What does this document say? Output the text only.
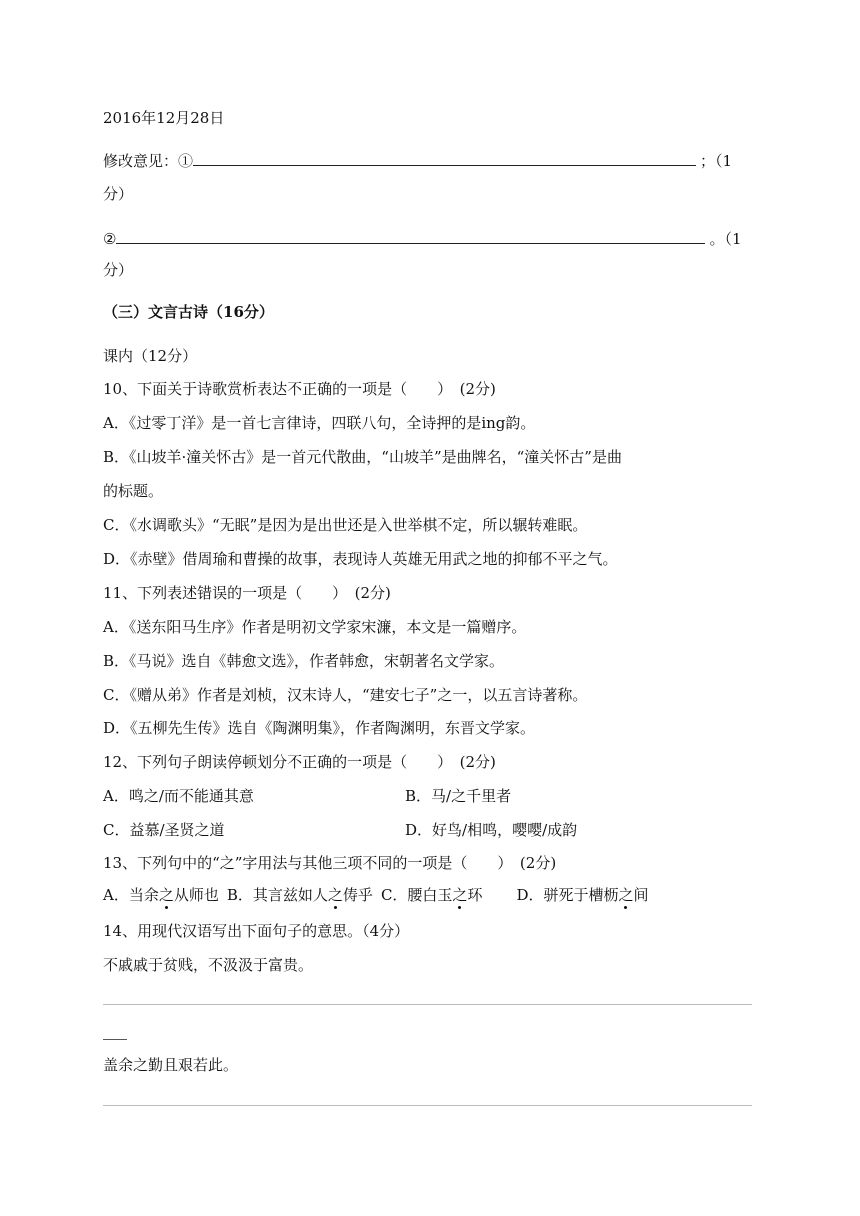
2016年12月28日
修改意见：①	；（1
分）
②	。（1
分）
（三）文言古诗（16分）
课内（12分）
10、下面关于诗歌赏析表达不正确的一项是（　　）　(2分)
A．《过零丁洋》是一首七言律诗，四联八句，全诗押的是ing韵。
B．《山坡羊·潼关怀古》是一首元代散曲，“山坡羊”是曲牌名，“潼关怀古”是曲
的标题。
C．《水调歌头》“无眠”是因为是出世还是入世举棋不定，所以辗转难眠。
D．《赤壁》借周瑜和曹操的故事，表现诗人英雄无用武之地的抑郁不平之气。
11、下列表述错误的一项是（　　）　(2分)
A．《送东阳马生序》作者是明初文学家宋濂，本文是一篇赠序。
B．《马说》选自《韩愈文选》，作者韩愈，宋朝著名文学家。
C．《赠从弟》作者是刘桢，汉末诗人，“建安七子”之一，以五言诗著称。
D．《五柳先生传》选自《陶渊明集》，作者陶渊明，东晋文学家。
12、下列句子朗读停顿划分不正确的一项是（　　）　(2分)
A．鸣之/而不能通其意	B．马/之千里者
C．益慕/圣贤之道	D．好鸟/相鸣，嘤嘤/成韵
13、下列句中的“之”字用法与其他三项不同的一项是（　　）　(2分)
A．当余之从师也 B．其言兹如人之俦乎 C．腰白玉之环 D．骈死于槽枥之间
14、用现代汉语写出下面句子的意思。（4分）
不戚戚于贫贱，不汲汲于富贵。
盖余之勤且艰若此。
